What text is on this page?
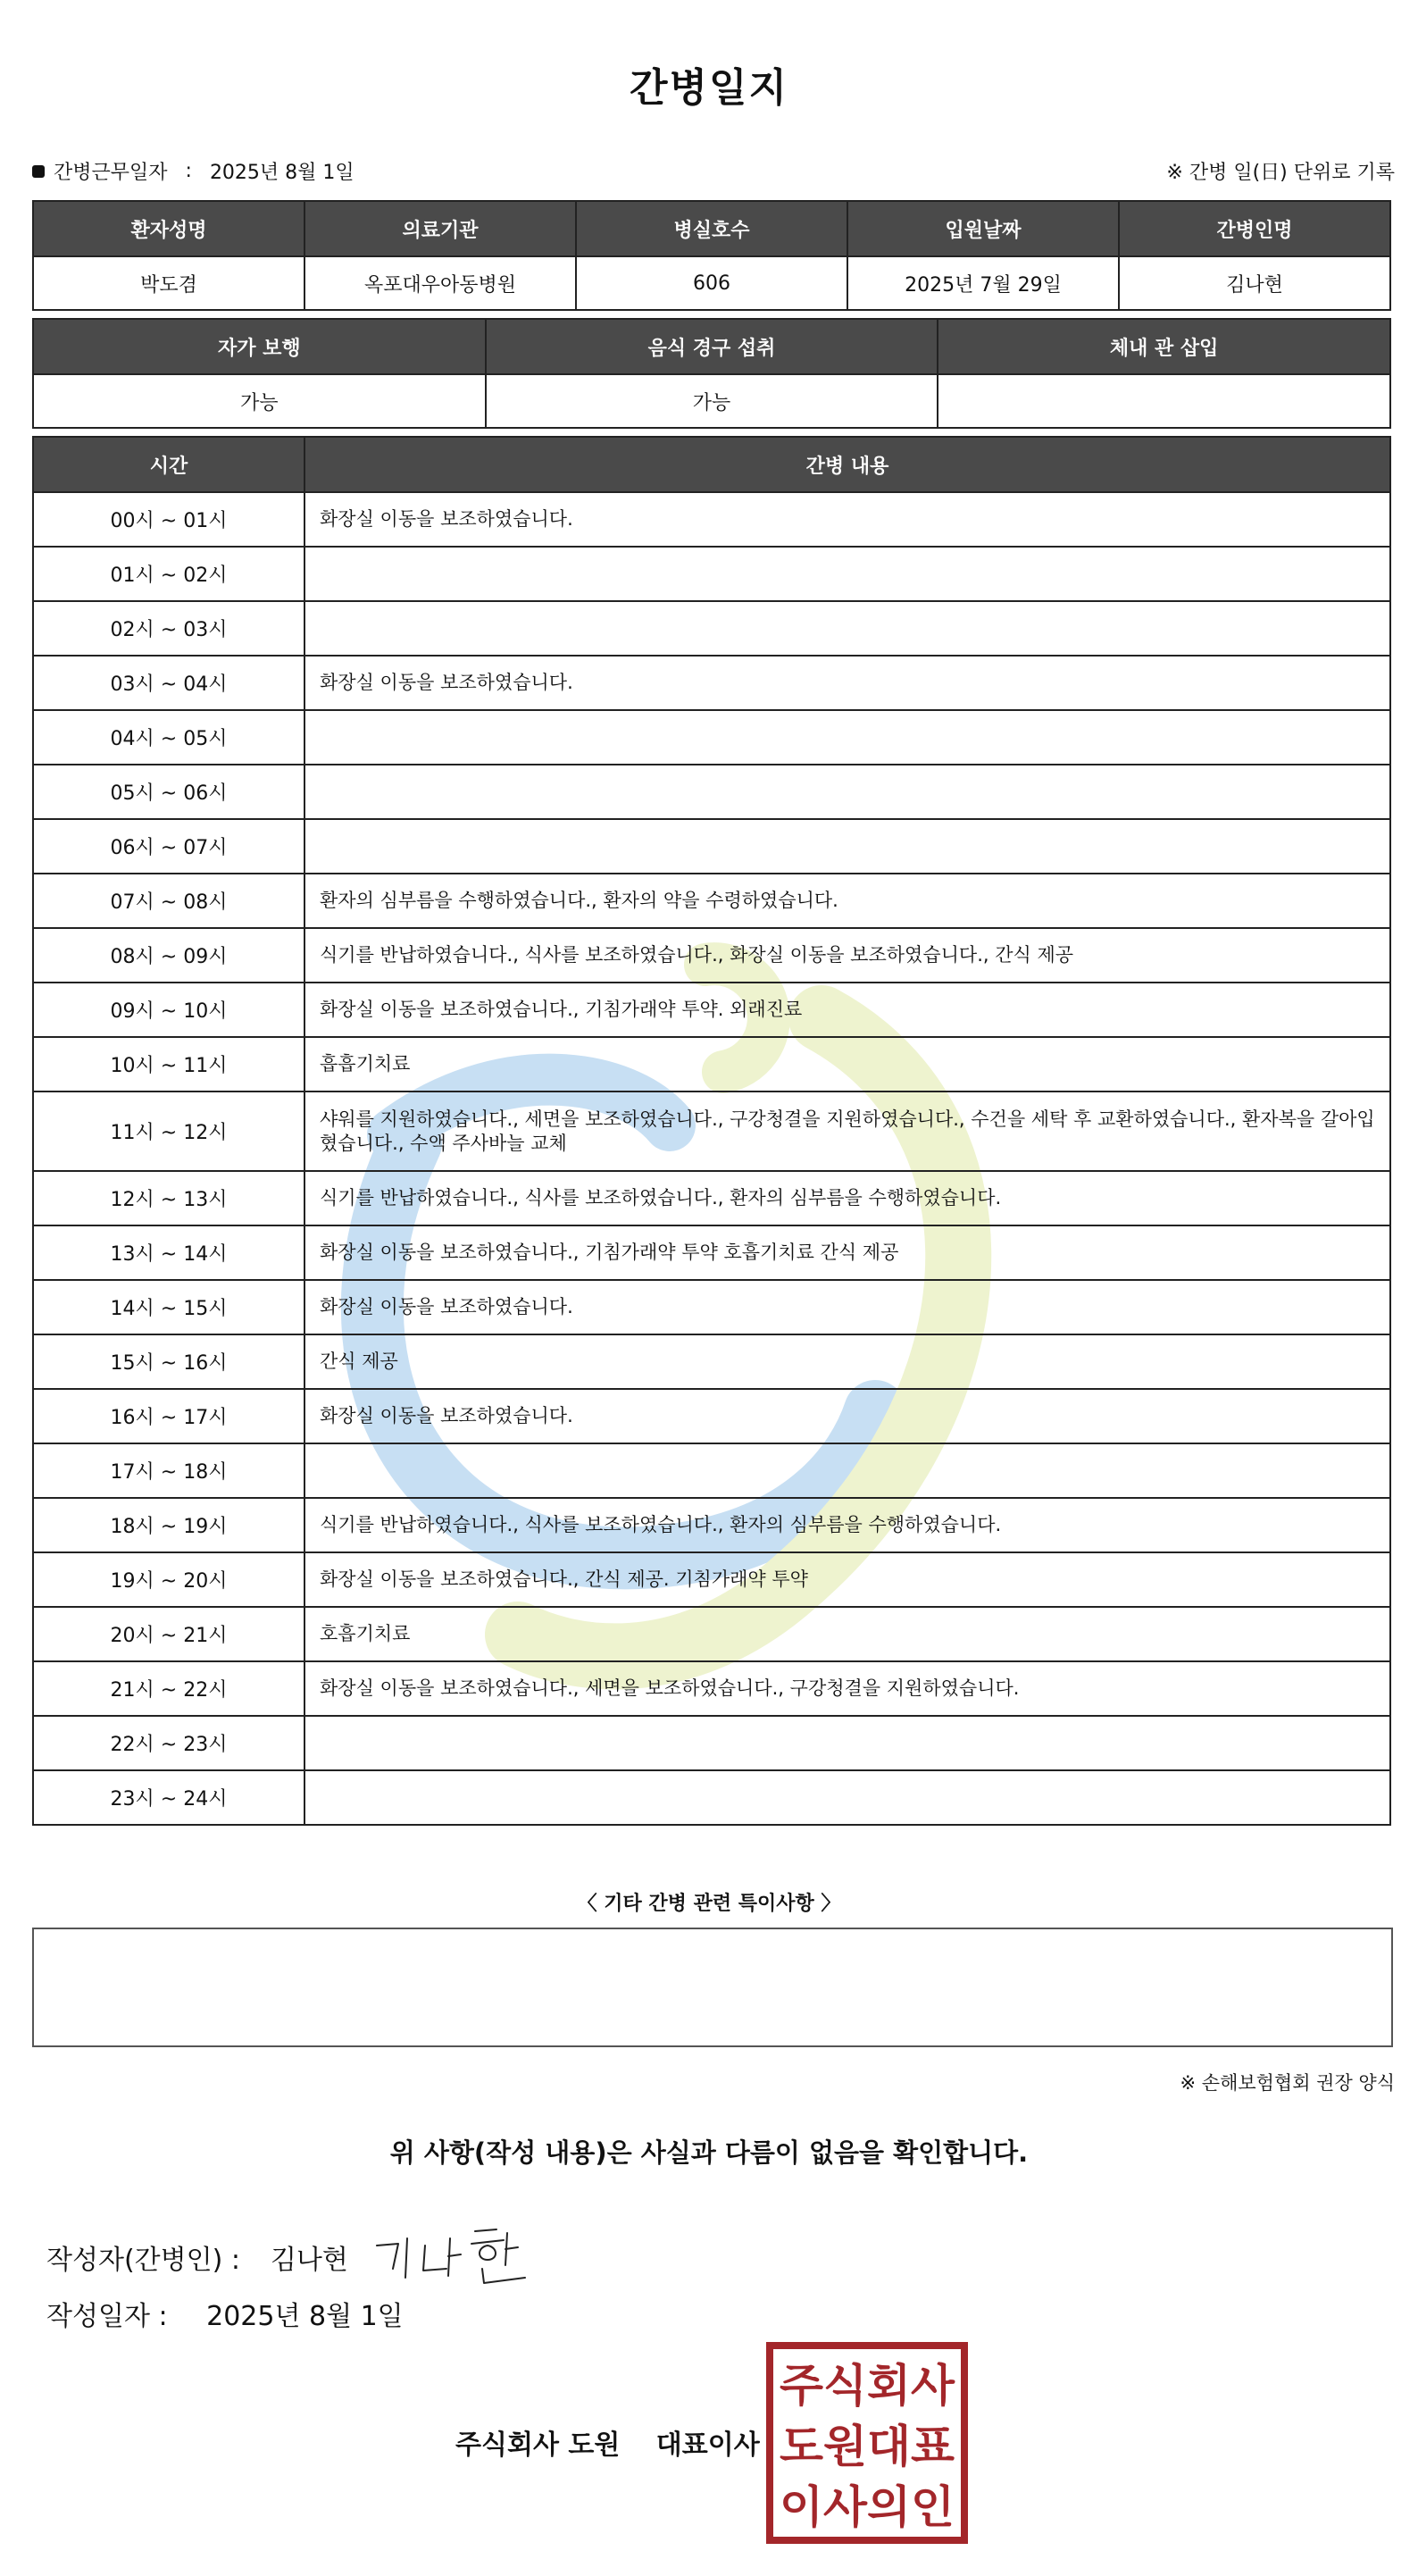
간병일지
간병근무일자 : 2025년 8월 1일	※ 간병 일(日) 단위로 기록
환자성명	의료기관	병실호수	입원날짜	간병인명
박도겸	옥포대우아동병원	606	2025년 7월 29일	김나현
자가 보행	음식 경구 섭취	체내 관 삽입
가능	가능	
시간	간병 내용
00시 ~ 01시	화장실 이동을 보조하였습니다.
01시 ~ 02시	
02시 ~ 03시	
03시 ~ 04시	화장실 이동을 보조하였습니다.
04시 ~ 05시	
05시 ~ 06시	
06시 ~ 07시	
07시 ~ 08시	환자의 심부름을 수행하였습니다., 환자의 약을 수령하였습니다.
08시 ~ 09시	식기를 반납하였습니다., 식사를 보조하였습니다., 화장실 이동을 보조하였습니다., 간식 제공
09시 ~ 10시	화장실 이동을 보조하였습니다., 기침가래약 투약. 외래진료
10시 ~ 11시	흡흡기치료
11시 ~ 12시	샤워를 지원하였습니다., 세면을 보조하였습니다., 구강청결을 지원하였습니다., 수건을 세탁 후 교환하였습니다., 환자복을 갈아입혔습니다., 수액 주사바늘 교체
12시 ~ 13시	식기를 반납하였습니다., 식사를 보조하였습니다., 환자의 심부름을 수행하였습니다.
13시 ~ 14시	화장실 이동을 보조하였습니다., 기침가래약 투약 호흡기치료 간식 제공
14시 ~ 15시	화장실 이동을 보조하였습니다.
15시 ~ 16시	간식 제공
16시 ~ 17시	화장실 이동을 보조하였습니다.
17시 ~ 18시	
18시 ~ 19시	식기를 반납하였습니다., 식사를 보조하였습니다., 환자의 심부름을 수행하였습니다.
19시 ~ 20시	화장실 이동을 보조하였습니다., 간식 제공. 기침가래약 투약
20시 ~ 21시	호흡기치료
21시 ~ 22시	화장실 이동을 보조하였습니다., 세면을 보조하였습니다., 구강청결을 지원하였습니다.
22시 ~ 23시	
23시 ~ 24시	
〈 기타 간병 관련 특이사항 〉
※ 손해보험협회 권장 양식
위 사항(작성 내용)은 사실과 다름이 없음을 확인합니다.
작성자(간병인) : 김나현
작성일자 : 2025년 8월 1일
주식회사 도원 대표이사
주식회사
도원대표
이사의인
